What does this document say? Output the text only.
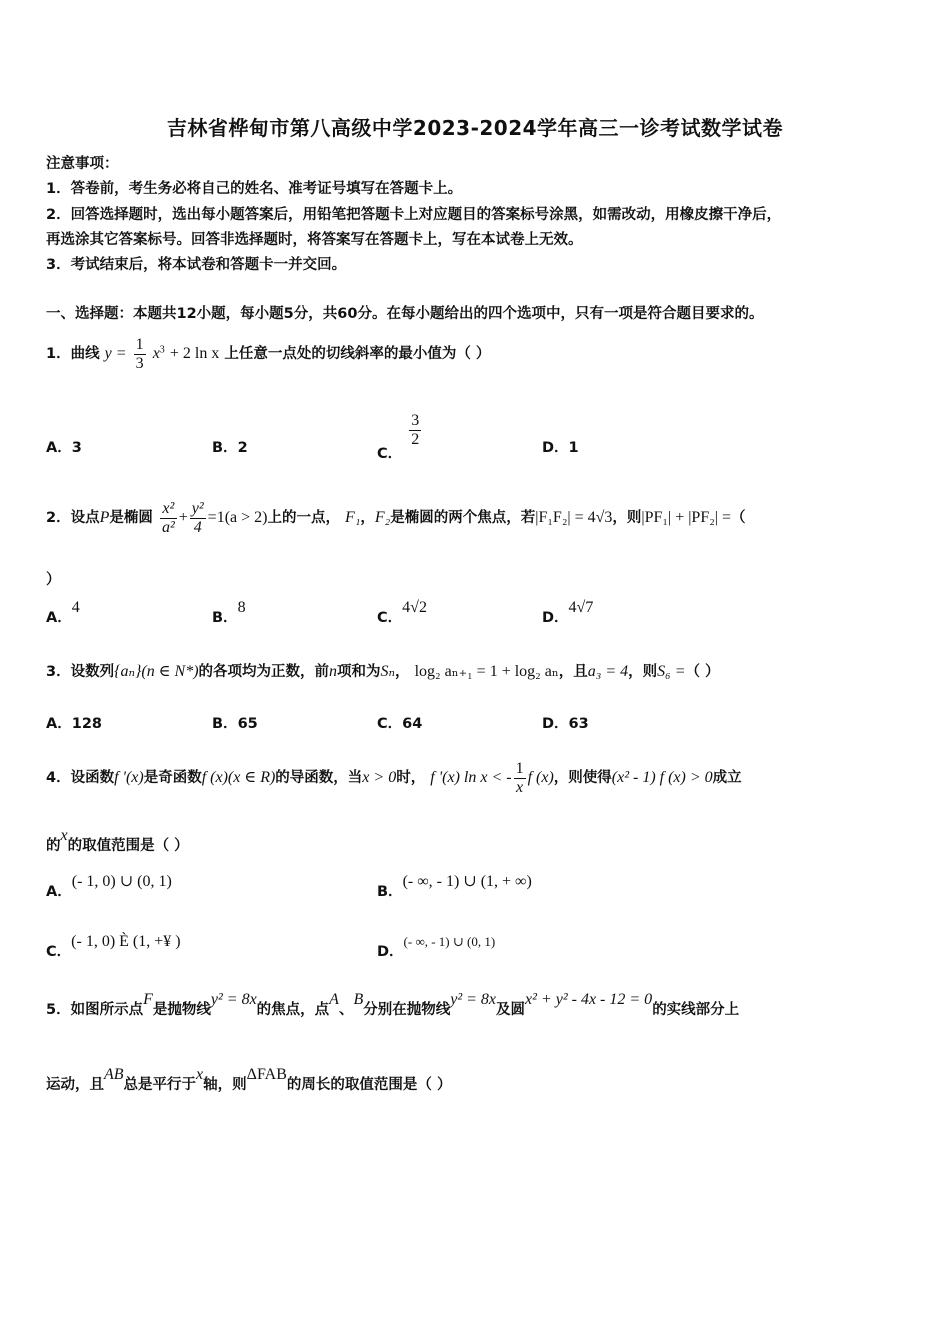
吉林省桦甸市第八高级中学2023-2024学年高三一诊考试数学试卷
注意事项：
1．答卷前，考生务必将自己的姓名、准考证号填写在答题卡上。
2．回答选择题时，选出每小题答案后，用铅笔把答题卡上对应题目的答案标号涂黑，如需改动，用橡皮擦干净后，
再选涂其它答案标号。回答非选择题时，将答案写在答题卡上，写在本试卷上无效。
3．考试结束后，将本试卷和答题卡一并交回。
一、选择题：本题共12小题，每小题5分，共60分。在每小题给出的四个选项中，只有一项是符合题目要求的。
1．曲线 $y = \frac{1}{3} x^3 + 2$ ln x 上任意一点处的切线斜率的最小值为（ ）
A．3	B．2	C．
$\frac{3}{2}$	D．1
2．设点P是椭圆 $\frac{\text{x²}}{\text{a²}} + \frac{\text{y²}}{4} =1(a > 2)$上的一点， F₁，F₂是椭圆的两个焦点，若|F₁F₂| = 4√3，则|PF₁| + |PF₂| =（
）
A．4
B．8
C．4√2
D．4√7
3．设数列{aₙ}(n ∈ N*)的各项均为正数，前n项和为Sₙ， log₂ aₙ₊₁ = 1 + log₂ aₙ，且a₃ = 4，则S₆ =（ ）
A．128	B．65	C．64	D．63
4．设函数f '(x)是奇函数f (x)(x ∈ R)的导函数，当x > 0时， f '(x) ln x < - $\frac{1}{x}$ f (x)，则使得(x² - 1) f (x) > 0成立
的x的取值范围是（ ）
A．(- 1, 0) ∪ (0, 1)
B．(- ∞, - 1) ∪ (1, + ∞)
C．(- 1, 0) È (1, +¥ )
D．(- ∞, - 1) ∪ (0, 1)
5．如图所示点F是抛物线y² = 8x的焦点，点A、B分别在抛物线y² = 8x及圆x² + y² - 4x - 12 = 0的实线部分上
运动，且AB总是平行于x轴，则ΔFAB的周长的取值范围是（ ）
